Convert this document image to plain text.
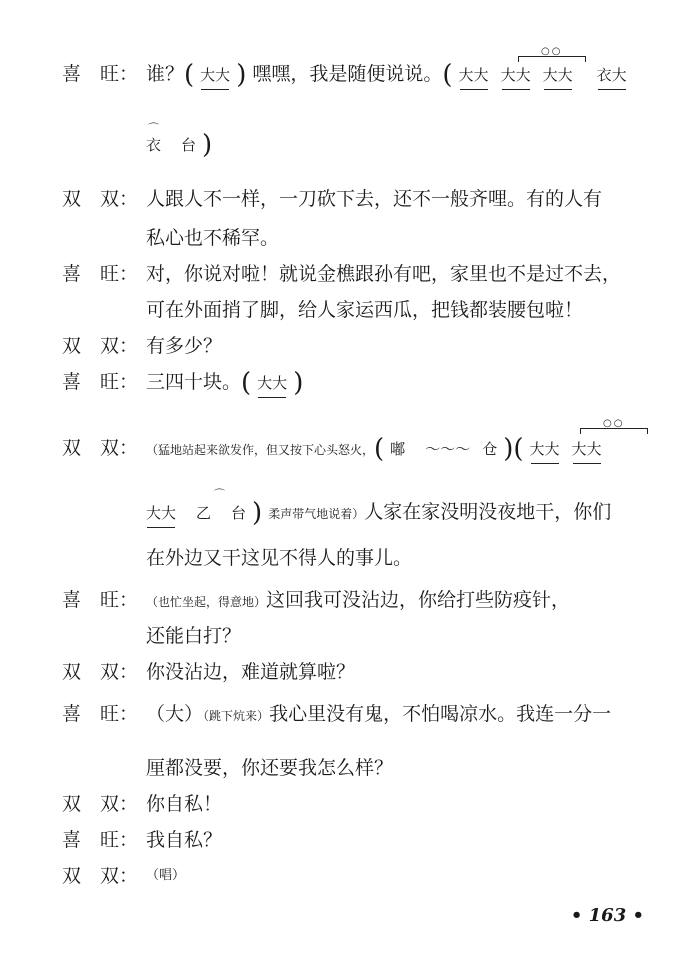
喜　旺： 谁？( 大大 ) 嘿嘿，我是随便说说。( 大大 大大 大大 衣大
○○
衣 台 )
⌒
双　双： 人跟人不一样，一刀砍下去，还不一般齐哩。有的人有
私心也不稀罕。
喜　旺： 对，你说对啦！就说金樵跟孙有吧，家里也不是过不去，
可在外面捎了脚，给人家运西瓜，把钱都装腰包啦！
双　双： 有多少？
喜　旺： 三四十块。( 大大 )
双　双： （猛地站起来欲发作，但又按下心头怒火，( 嘟 ～～～ 仓 )( 大大 大大
○○
大大 乙 台 ) 柔声带气地说着）人家在家没明没夜地干，你们
⌒
在外边又干这见不得人的事儿。
喜　旺： （也忙坐起，得意地）这回我可没沾边，你给打些防疫针，
还能白打？
双　双： 你没沾边，难道就算啦？
喜　旺： （大）（跳下炕来）我心里没有鬼，不怕喝凉水。我连一分一
厘都没要，你还要我怎么样？
双　双： 你自私！
喜　旺： 我自私？
双　双： （唱）
• 163 •
